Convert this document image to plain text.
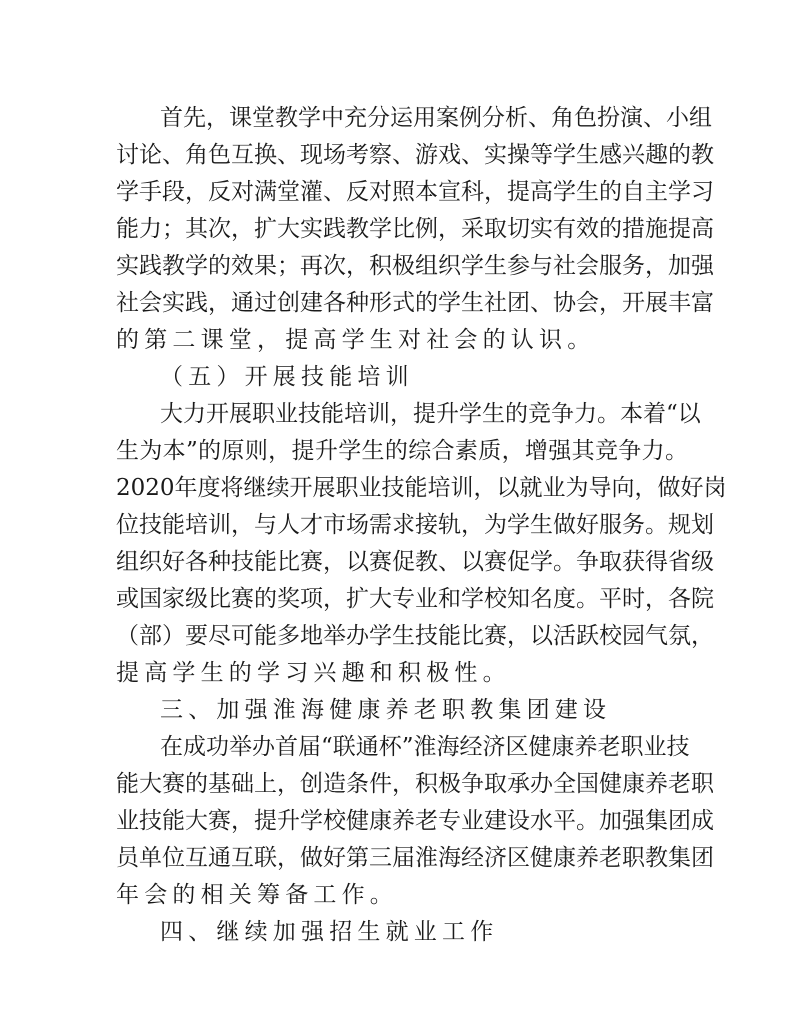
首先，课堂教学中充分运用案例分析、角色扮演、小组
讨论、角色互换、现场考察、游戏、实操等学生感兴趣的教
学手段，反对满堂灌、反对照本宣科，提高学生的自主学习
能力；其次，扩大实践教学比例，采取切实有效的措施提高
实践教学的效果；再次，积极组织学生参与社会服务，加强
社会实践，通过创建各种形式的学生社团、协会，开展丰富
的第二课堂，提高学生对社会的认识。
（五）开展技能培训
大力开展职业技能培训，提升学生的竞争力。本着“以
生为本”的原则，提升学生的综合素质，增强其竞争力。
2020年度将继续开展职业技能培训，以就业为导向，做好岗
位技能培训，与人才市场需求接轨，为学生做好服务。规划
组织好各种技能比赛，以赛促教、以赛促学。争取获得省级
或国家级比赛的奖项，扩大专业和学校知名度。平时，各院
（部）要尽可能多地举办学生技能比赛，以活跃校园气氛，
提高学生的学习兴趣和积极性。
三、加强淮海健康养老职教集团建设
在成功举办首届“联通杯”淮海经济区健康养老职业技
能大赛的基础上，创造条件，积极争取承办全国健康养老职
业技能大赛，提升学校健康养老专业建设水平。加强集团成
员单位互通互联，做好第三届淮海经济区健康养老职教集团
年会的相关筹备工作。
四、继续加强招生就业工作
